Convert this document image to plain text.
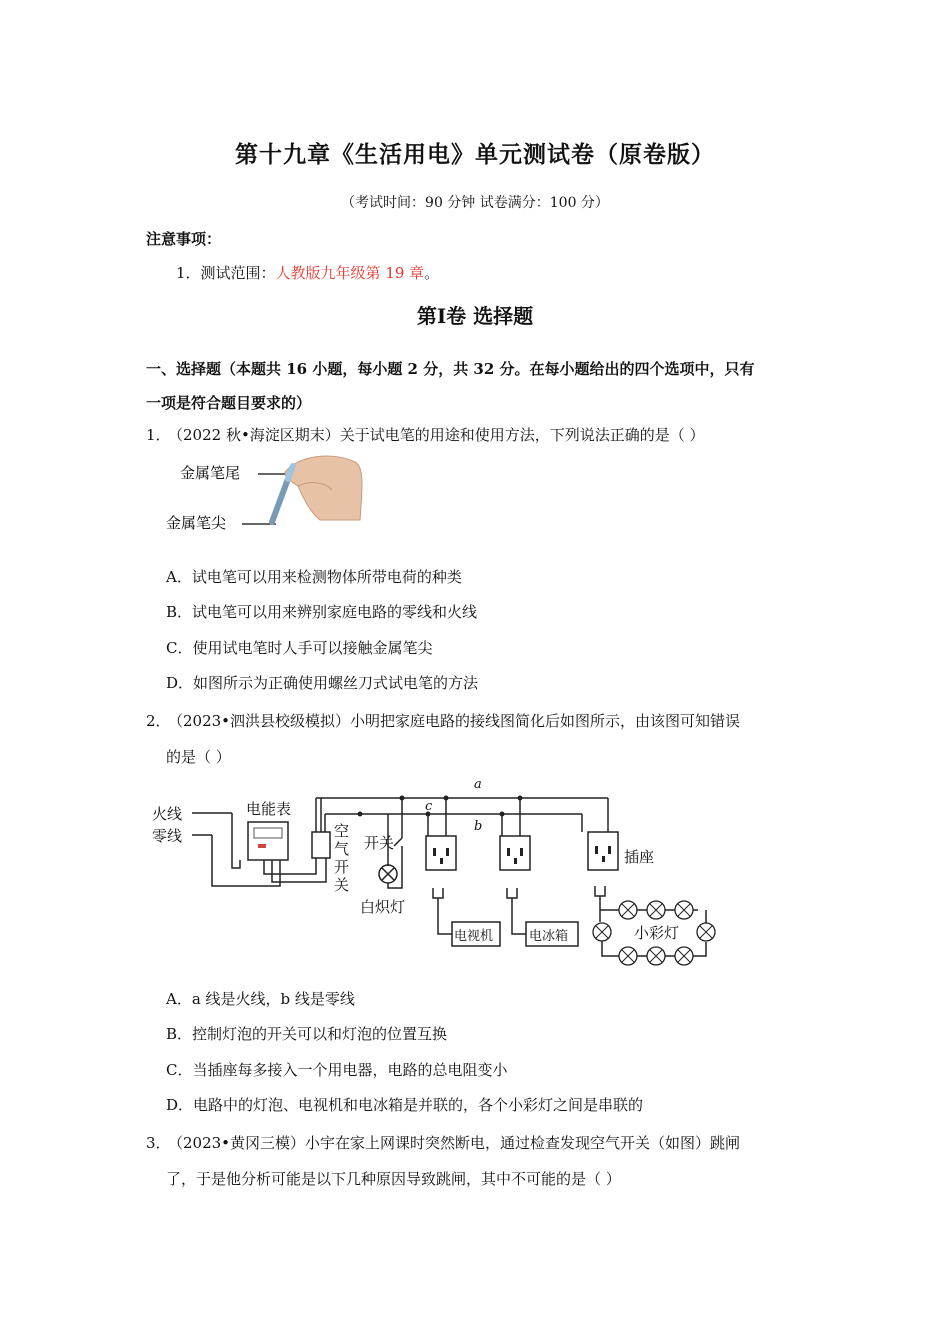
第十九章《生活用电》单元测试卷（原卷版）
（考试时间：90 分钟 试卷满分：100 分）
注意事项：
1．测试范围：人教版九年级第 19 章。
第Ⅰ卷 选择题
一、选择题（本题共 16 小题，每小题 2 分，共 32 分。在每小题给出的四个选项中，只有
一项是符合题目要求的）
1．
（2022 秋•海淀区期末）关于试电笔的用途和使用方法，下列说法正确的是（ ）
金属笔尾
金属笔尖
A．试电笔可以用来检测物体所带电荷的种类
B．试电笔可以用来辨别家庭电路的零线和火线
C．使用试电笔时人手可以接触金属笔尖
D．如图所示为正确使用螺丝刀式试电笔的方法
2．
（2023•泗洪县校级模拟）小明把家庭电路的接线图简化后如图所示，由该图可知错误
的是（ ）
火线
零线
电能表
空
气
开
关
开关
白炽灯
电视机	电冰箱
插座
小彩灯
a
b
c
A．a 线是火线，b 线是零线
B．控制灯泡的开关可以和灯泡的位置互换
C．当插座每多接入一个用电器，电路的总电阻变小
D．电路中的灯泡、电视机和电冰箱是并联的，各个小彩灯之间是串联的
3．
（2023•黄冈三模）小宇在家上网课时突然断电，通过检查发现空气开关（如图）跳闸
了，于是他分析可能是以下几种原因导致跳闸，其中不可能的是（ ）
